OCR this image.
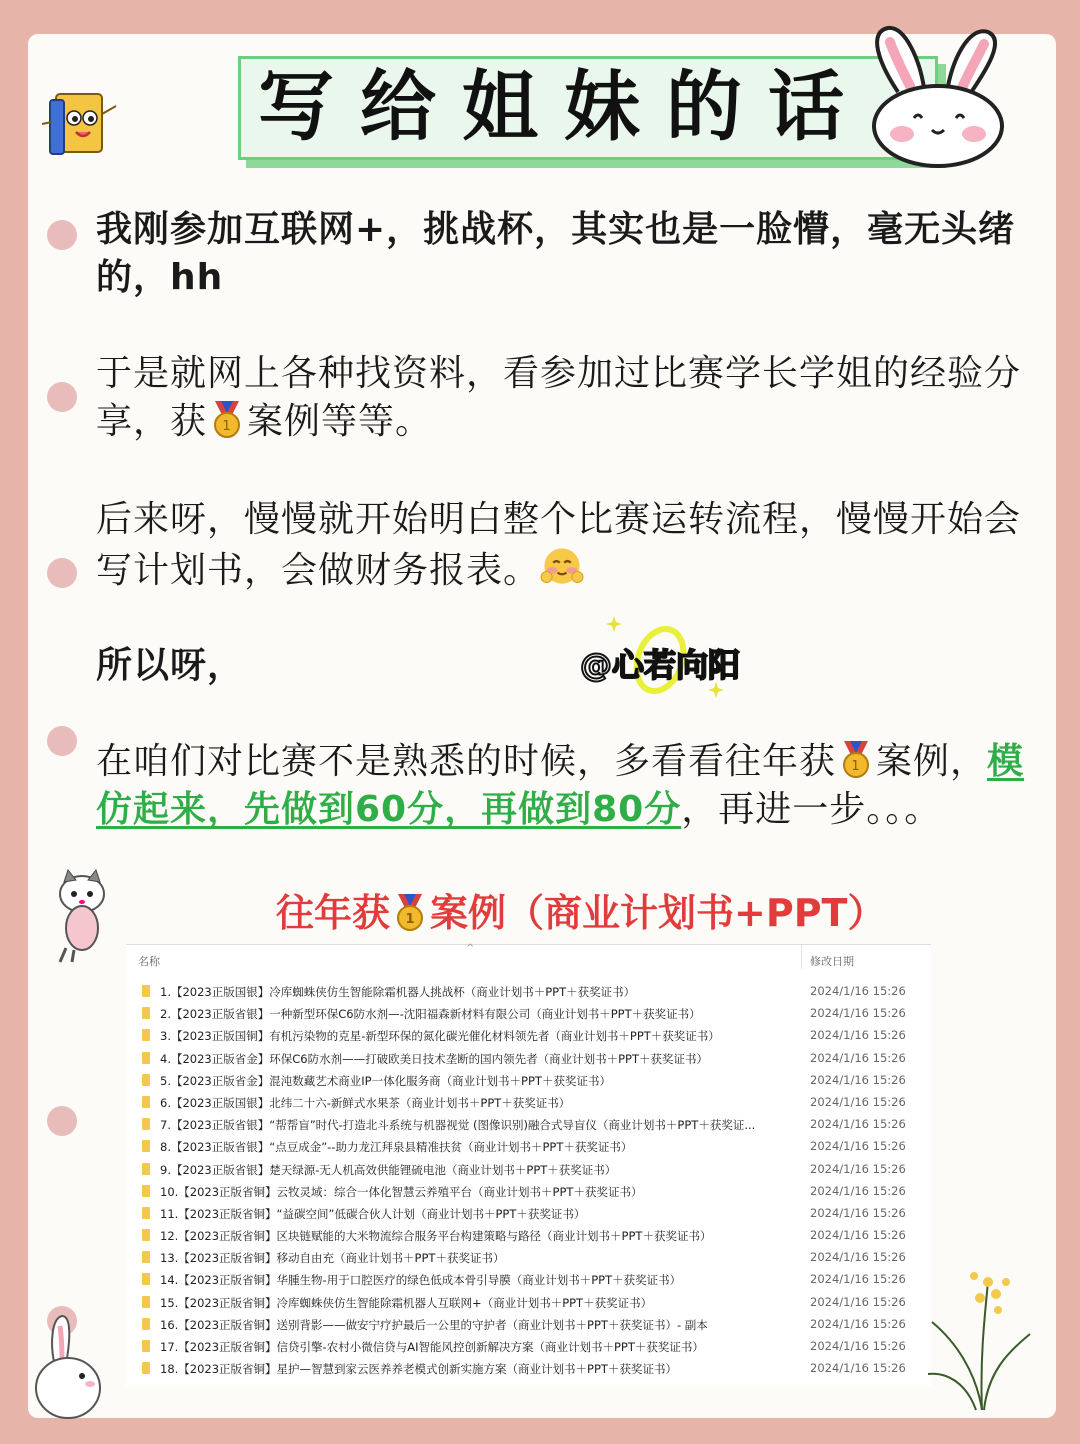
写给姐妹的话
我刚参加互联网+，挑战杯，其实也是一脸懵，毫无头绪的，hh
于是就网上各种找资料，看参加过比赛学长学姐的经验分享，获 1 案例等等。
后来呀，慢慢就开始明白整个比赛运转流程，慢慢开始会写计划书，会做财务报表。
所以呀，	@心若向阳
在咱们对比赛不是熟悉的时候，多看看往年获 1 案例，模仿起来，先做到60分，再做到80分，再进一步。。。
往年获 1 案例（商业计划书+PPT）
名称
^
修改日期
1.【2023正版国银】冷库蜘蛛侠仿生智能除霜机器人挑战杯（商业计划书＋PPT＋获奖证书）	2024/1/16 15:26
2.【2023正版省银】一种新型环保C6防水剂—-沈阳福森新材料有限公司（商业计划书＋PPT＋获奖证书）	2024/1/16 15:26
3.【2023正版国铜】有机污染物的克星-新型环保的氮化碳光催化材料领先者（商业计划书＋PPT＋获奖证书）	2024/1/16 15:26
4.【2023正版省金】环保C6防水剂——打破欧美日技术垄断的国内领先者（商业计划书＋PPT＋获奖证书）	2024/1/16 15:26
5.【2023正版省金】混沌数藏艺术商业IP一体化服务商（商业计划书＋PPT＋获奖证书）	2024/1/16 15:26
6.【2023正版国银】北纬二十六-新鲜式水果茶（商业计划书＋PPT＋获奖证书）	2024/1/16 15:26
7.【2023正版省银】“帮帮盲”时代-打造北斗系统与机器视觉 (图像识别)融合式导盲仪（商业计划书＋PPT＋获奖证...	2024/1/16 15:26
8.【2023正版省银】“点豆成金”--助力龙江拜泉县精准扶贫（商业计划书＋PPT＋获奖证书）	2024/1/16 15:26
9.【2023正版省银】楚天绿源-无人机高效供能锂硫电池（商业计划书＋PPT＋获奖证书）	2024/1/16 15:26
10.【2023正版省铜】云牧灵域：综合一体化智慧云养殖平台（商业计划书＋PPT＋获奖证书）	2024/1/16 15:26
11.【2023正版省铜】“益碳空间”低碳合伙人计划（商业计划书＋PPT＋获奖证书）	2024/1/16 15:26
12.【2023正版省铜】区块链赋能的大米物流综合服务平台构建策略与路径（商业计划书＋PPT＋获奖证书）	2024/1/16 15:26
13.【2023正版省铜】移动自由充（商业计划书＋PPT＋获奖证书）	2024/1/16 15:26
14.【2023正版省铜】华腫生物-用于口腔医疗的绿色低成本骨引导膜（商业计划书＋PPT＋获奖证书）	2024/1/16 15:26
15.【2023正版省铜】冷库蜘蛛侠仿生智能除霜机器人互联网+（商业计划书＋PPT＋获奖证书）	2024/1/16 15:26
16.【2023正版省铜】送别背影——做安宁疗护最后一公里的守护者（商业计划书＋PPT＋获奖证书）- 副本	2024/1/16 15:26
17.【2023正版省铜】信贷引擎-农村小微信贷与AI智能风控创新解决方案（商业计划书＋PPT＋获奖证书）	2024/1/16 15:26
18.【2023正版省铜】星护—智慧到家云医养养老模式创新实施方案（商业计划书＋PPT＋获奖证书）	2024/1/16 15:26
